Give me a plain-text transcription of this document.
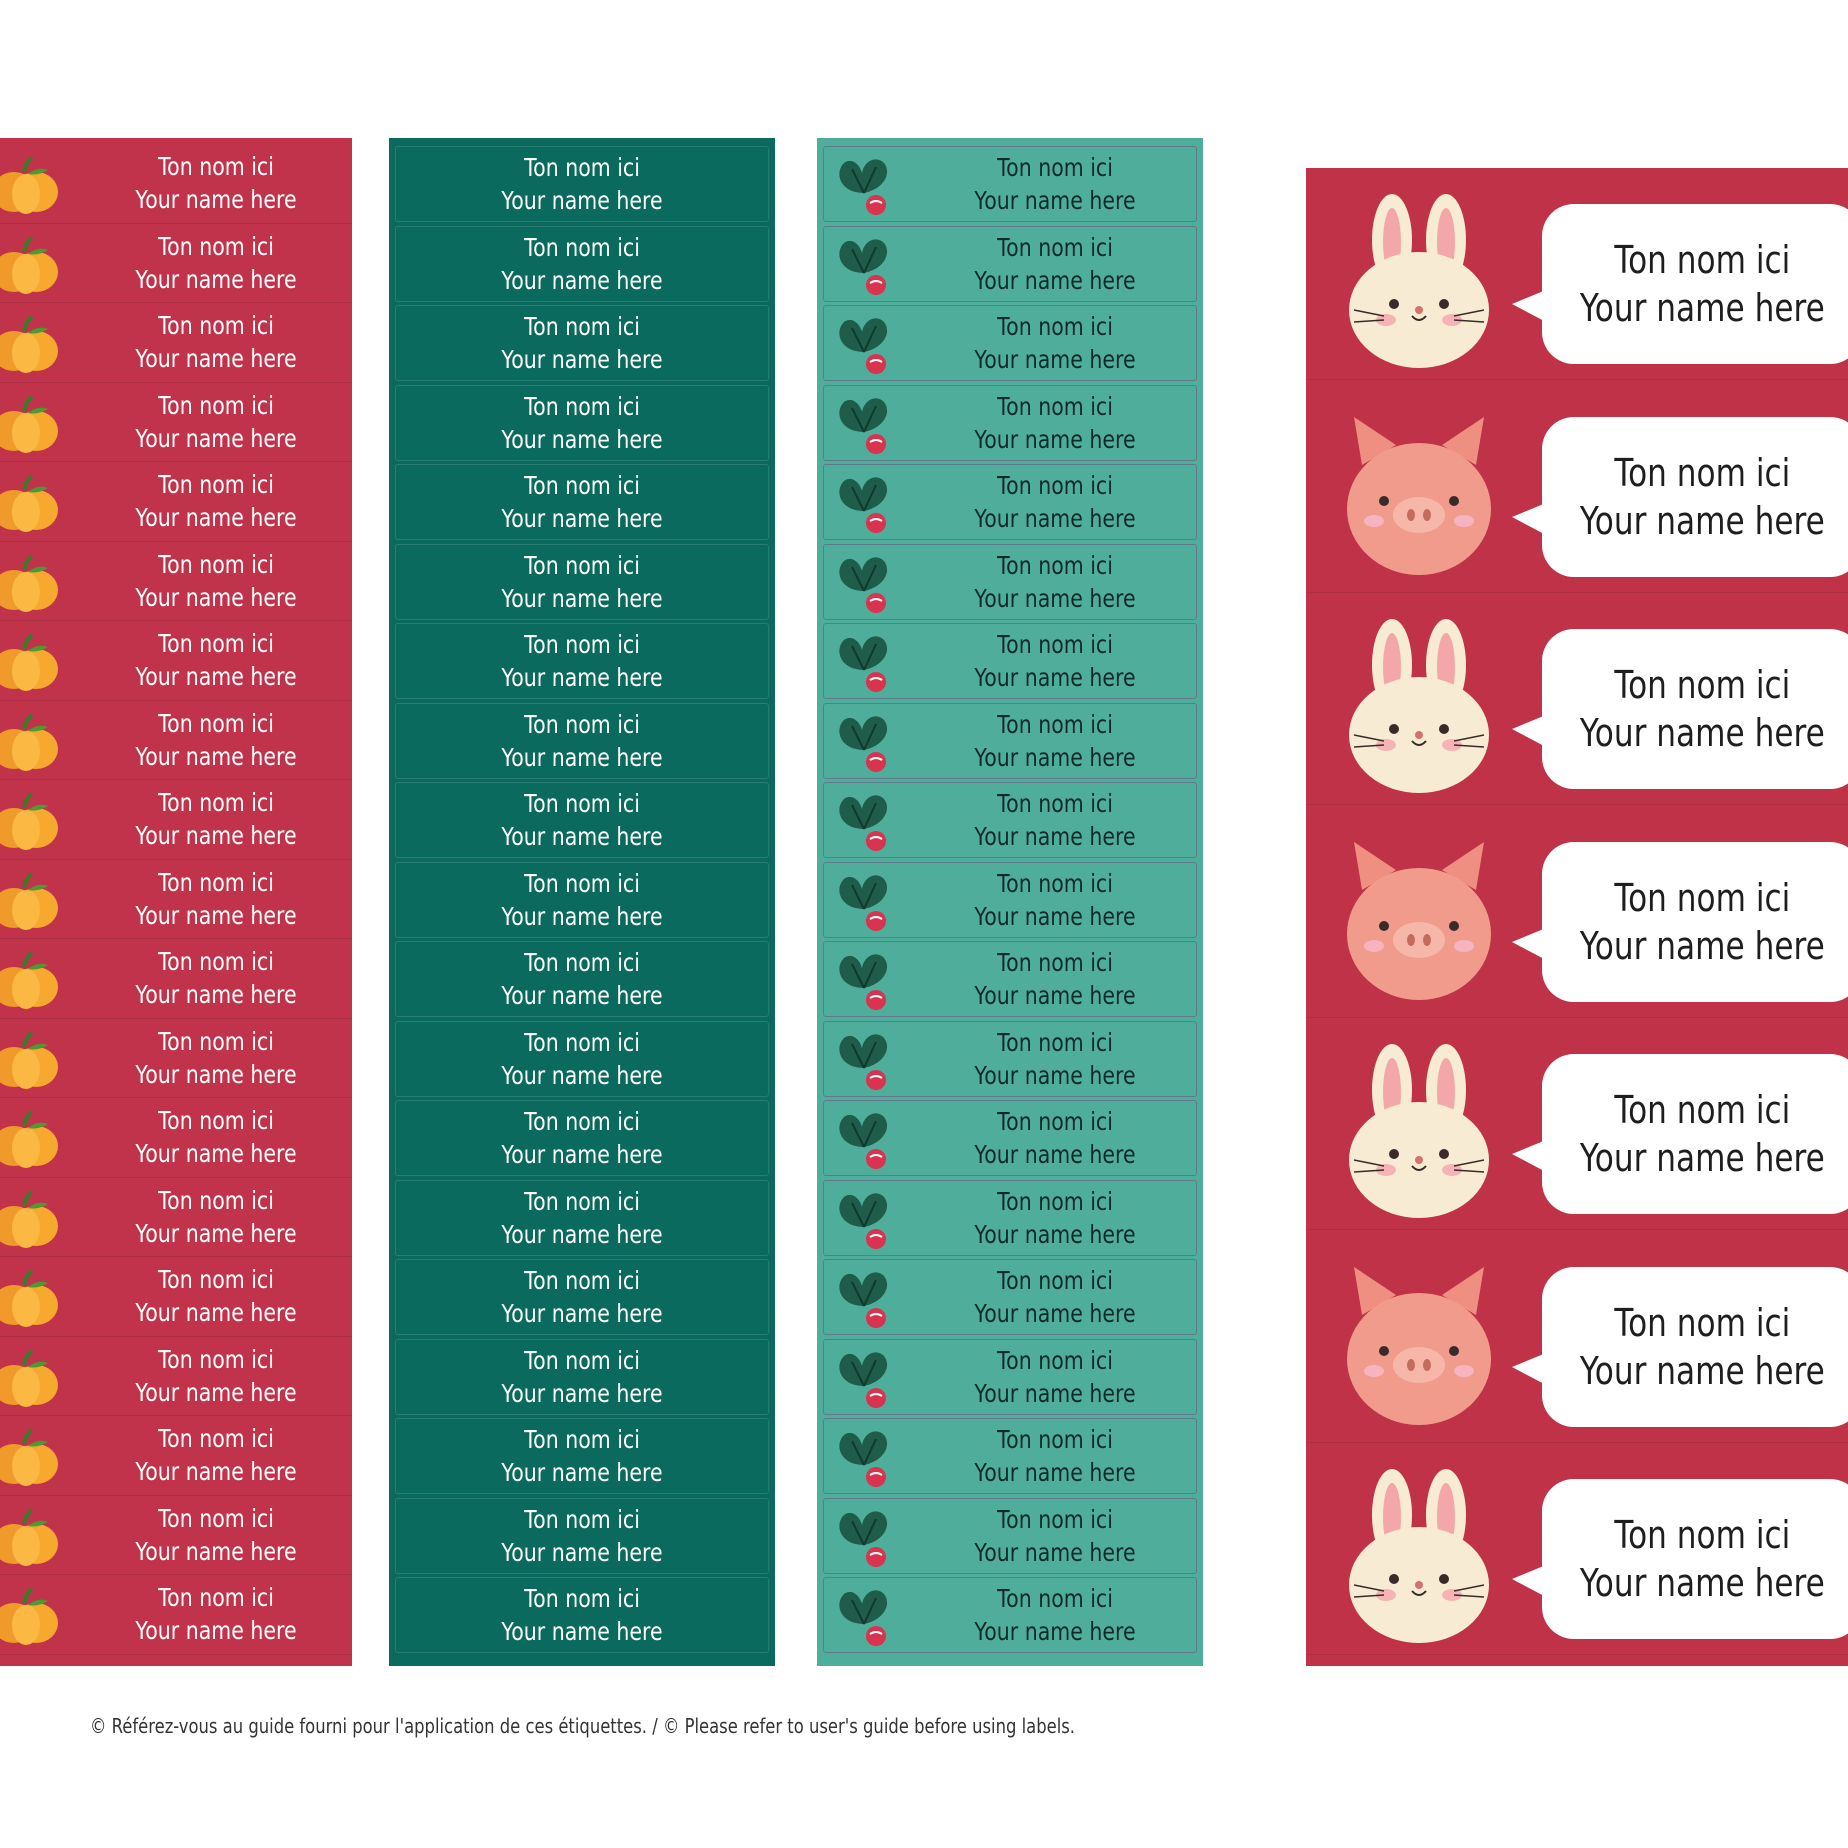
Ton nom ici
Your name here
Ton nom ici
Your name here
Ton nom ici
Your name here
Ton nom ici
Your name here
Ton nom ici
Your name here
Ton nom ici
Your name here
Ton nom ici
Your name here
Ton nom ici
Your name here
Ton nom ici
Your name here
Ton nom ici
Your name here
Ton nom ici
Your name here
Ton nom ici
Your name here
Ton nom ici
Your name here
Ton nom ici
Your name here
Ton nom ici
Your name here
Ton nom ici
Your name here
Ton nom ici
Your name here
Ton nom ici
Your name here
Ton nom ici
Your name here
Ton nom ici
Your name here
Ton nom ici
Your name here
Ton nom ici
Your name here
Ton nom ici
Your name here
Ton nom ici
Your name here
Ton nom ici
Your name here
Ton nom ici
Your name here
Ton nom ici
Your name here
Ton nom ici
Your name here
Ton nom ici
Your name here
Ton nom ici
Your name here
Ton nom ici
Your name here
Ton nom ici
Your name here
Ton nom ici
Your name here
Ton nom ici
Your name here
Ton nom ici
Your name here
Ton nom ici
Your name here
Ton nom ici
Your name here
Ton nom ici
Your name here
Ton nom ici
Your name here
Ton nom ici
Your name here
Ton nom ici
Your name here
Ton nom ici
Your name here
Ton nom ici
Your name here
Ton nom ici
Your name here
Ton nom ici
Your name here
Ton nom ici
Your name here
Ton nom ici
Your name here
Ton nom ici
Your name here
Ton nom ici
Your name here
Ton nom ici
Your name here
Ton nom ici
Your name here
Ton nom ici
Your name here
Ton nom ici
Your name here
Ton nom ici
Your name here
Ton nom ici
Your name here
Ton nom ici
Your name here
Ton nom ici
Your name here
Ton nom ici
Your name here
Ton nom ici
Your name here
Ton nom ici
Your name here
Ton nom ici
Your name here
Ton nom ici
Your name here
Ton nom ici
Your name here
Ton nom ici
Your name here
© Référez-vous au guide fourni pour l'application de ces étiquettes. / © Please refer to user's guide before using labels.
